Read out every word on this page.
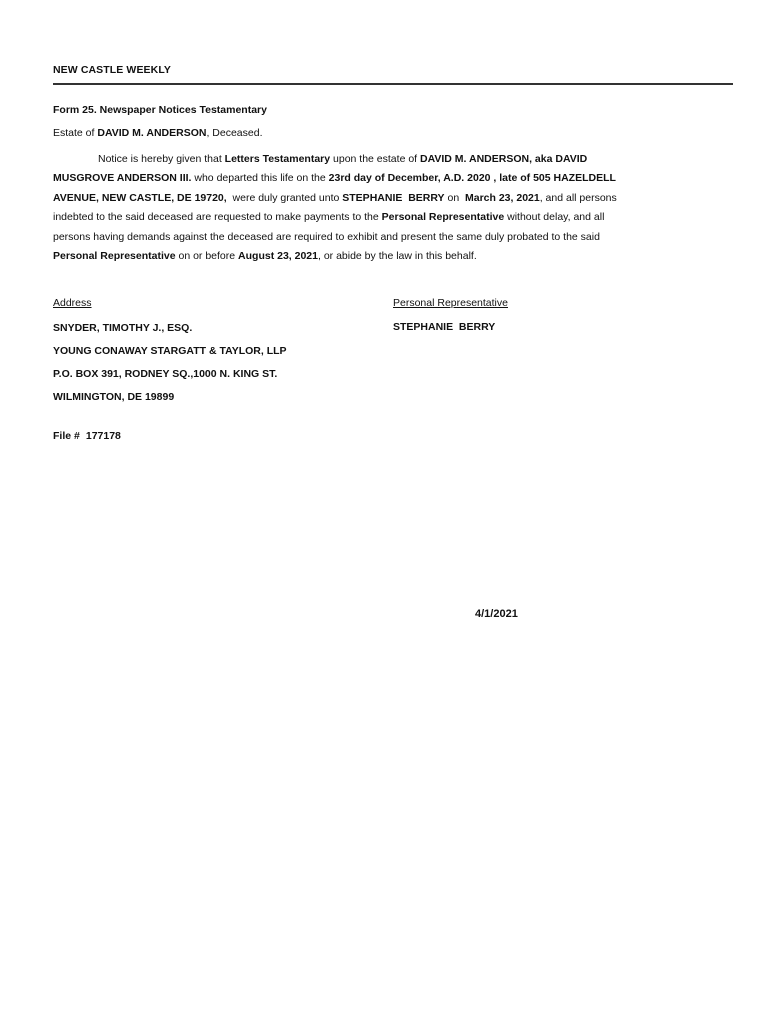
NEW CASTLE WEEKLY
Form 25. Newspaper Notices Testamentary
Estate of DAVID M. ANDERSON, Deceased.

Notice is hereby given that Letters Testamentary upon the estate of DAVID M. ANDERSON, aka DAVID MUSGROVE ANDERSON III. who departed this life on the 23rd day of December, A.D. 2020 , late of 505 HAZELDELL AVENUE, NEW CASTLE, DE 19720,  were duly granted unto STEPHANIE  BERRY on  March 23, 2021, and all persons indebted to the said deceased are requested to make payments to the Personal Representative without delay, and all persons having demands against the deceased are required to exhibit and present the same duly probated to the said Personal Representative on or before August 23, 2021, or abide by the law in this behalf.

Address	Personal Representative
SNYDER, TIMOTHY J., ESQ.
YOUNG CONAWAY STARGATT & TAYLOR, LLP
P.O. BOX 391, RODNEY SQ.,1000 N. KING ST.
WILMINGTON, DE 19899
STEPHANIE  BERRY
File # 177178
4/1/2021
